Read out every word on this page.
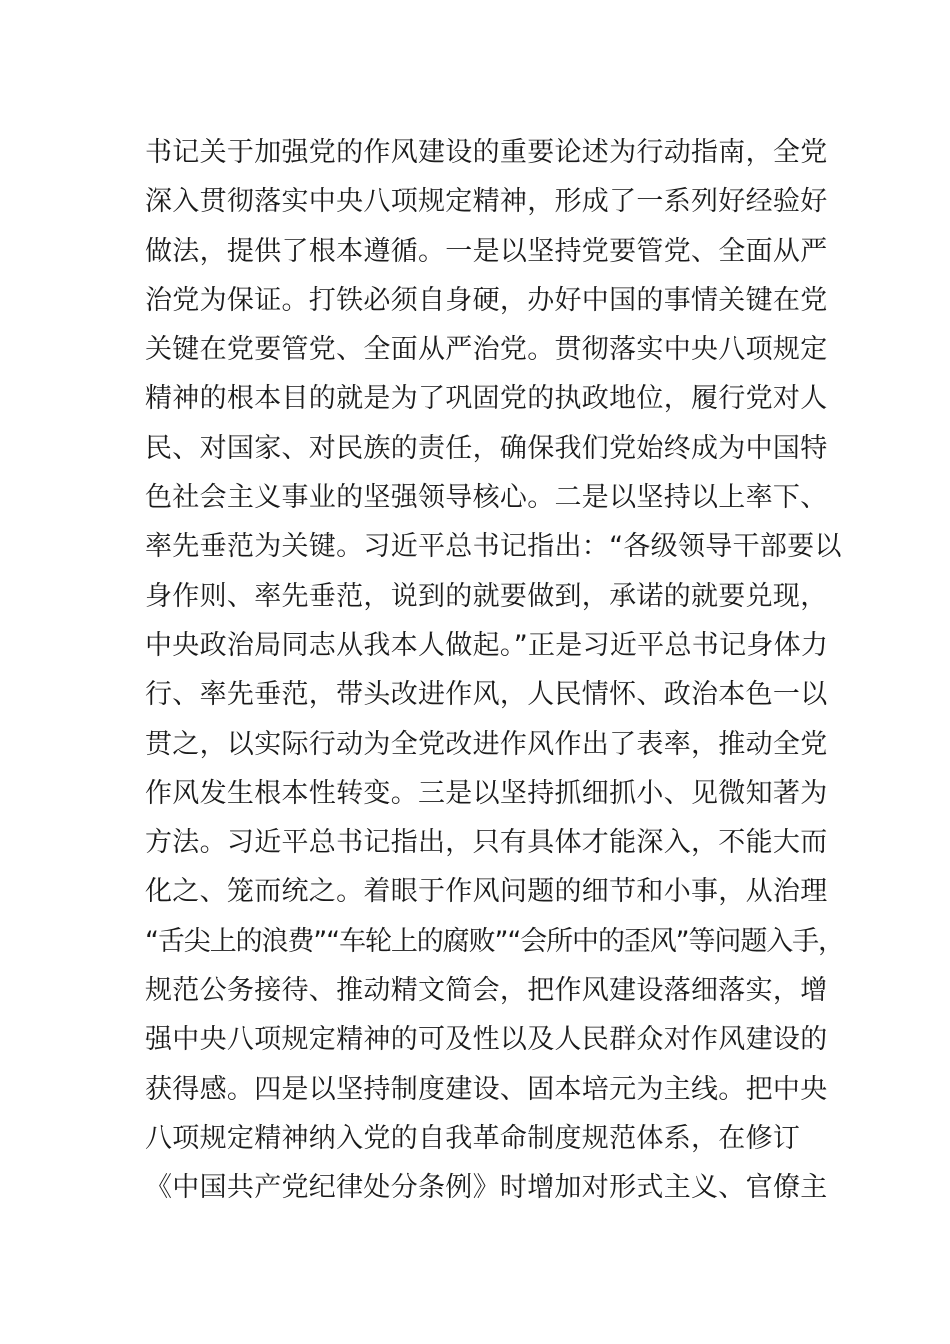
书记关于加强党的作风建设的重要论述为行动指南，全党
深入贯彻落实中央八项规定精神，形成了一系列好经验好
做法，提供了根本遵循。一是以坚持党要管党、全面从严
治党为保证。打铁必须自身硬，办好中国的事情关键在党
关键在党要管党、全面从严治党。贯彻落实中央八项规定
精神的根本目的就是为了巩固党的执政地位，履行党对人
民、对国家、对民族的责任，确保我们党始终成为中国特
色社会主义事业的坚强领导核心。二是以坚持以上率下、
率先垂范为关键。习近平总书记指出：“各级领导干部要以
身作则、率先垂范，说到的就要做到，承诺的就要兑现，
中央政治局同志从我本人做起。”正是习近平总书记身体力
行、率先垂范，带头改进作风，人民情怀、政治本色一以
贯之，以实际行动为全党改进作风作出了表率，推动全党
作风发生根本性转变。三是以坚持抓细抓小、见微知著为
方法。习近平总书记指出，只有具体才能深入，不能大而
化之、笼而统之。着眼于作风问题的细节和小事，从治理
“舌尖上的浪费”“车轮上的腐败”“会所中的歪风”等问题入手，
规范公务接待、推动精文简会，把作风建设落细落实，增
强中央八项规定精神的可及性以及人民群众对作风建设的
获得感。四是以坚持制度建设、固本培元为主线。把中央
八项规定精神纳入党的自我革命制度规范体系，在修订
《中国共产党纪律处分条例》时增加对形式主义、官僚主
